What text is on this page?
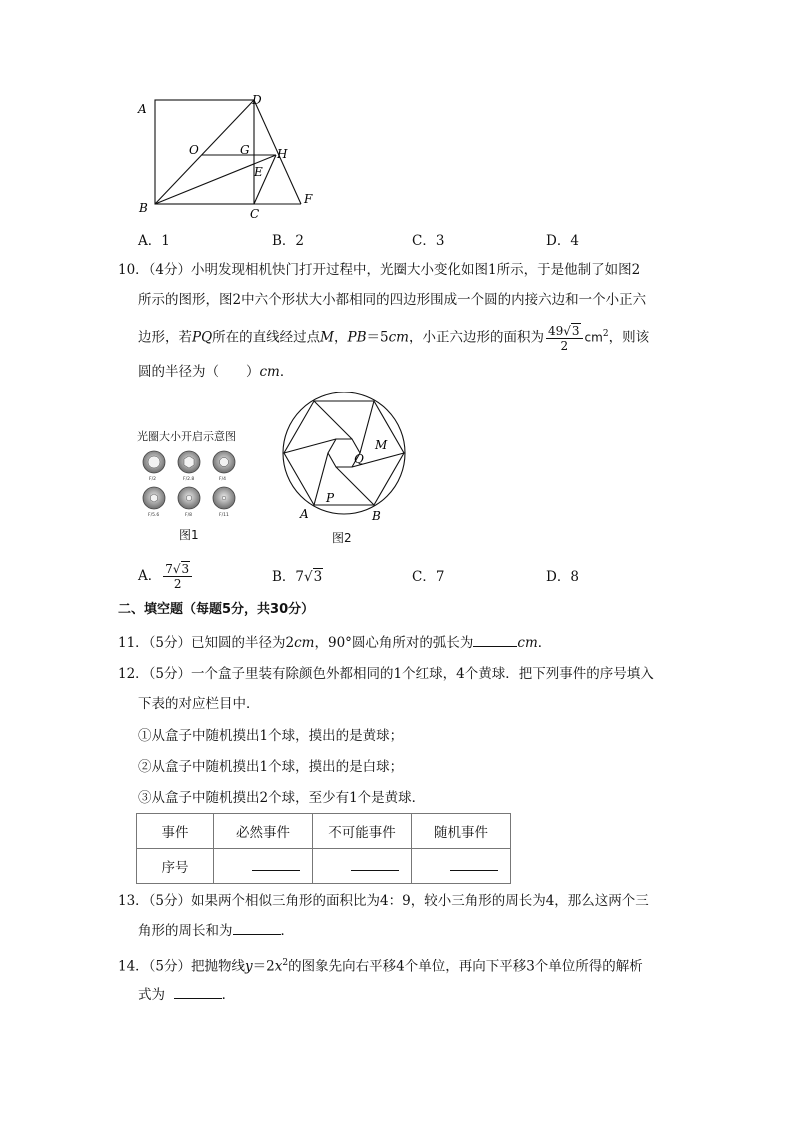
A
D
O	G H
E
B	C
F
A．1	B．2	C．3	D．4
10．（4分）小明发现相机快门打开过程中，光圈大小变化如图1所示，于是他制了如图2
所示的图形，图2中六个形状大小都相同的四边形围成一个圆的内接六边和一个小正六
边形，若PQ所在的直线经过点M，PB＝5cm，小正六边形的面积为 $\frac{49√3}{2} cm^2$，则该
圆的半径为（　　）cm．
光圈大小开启示意图
F/2	F/2.8	F/4
F/5.6	F/8	F/11
图1
M
Q
P
A	B
图2
A． $\frac{7√3}{2}$	B．7√3	C．7	D．8
二、填空题（每题5分，共30分）
11．（5分）已知圆的半径为2cm，90°圆心角所对的弧长为	cm．
12．（5分）一个盒子里装有除颜色外都相同的1个红球，4个黄球．把下列事件的序号填入
下表的对应栏目中．
①从盒子中随机摸出1个球，摸出的是黄球；
②从盒子中随机摸出1个球，摸出的是白球；
③从盒子中随机摸出2个球，至少有1个是黄球．
事件	必然事件	不可能事件	随机事件
序号			
13．（5分）如果两个相似三角形的面积比为4：9，较小三角形的周长为4，那么这两个三
角形的周长和为	．
14．（5分）把抛物线$y=2x^2$的图象先向右平移4个单位，再向下平移3个单位所得的解析
式为	．
